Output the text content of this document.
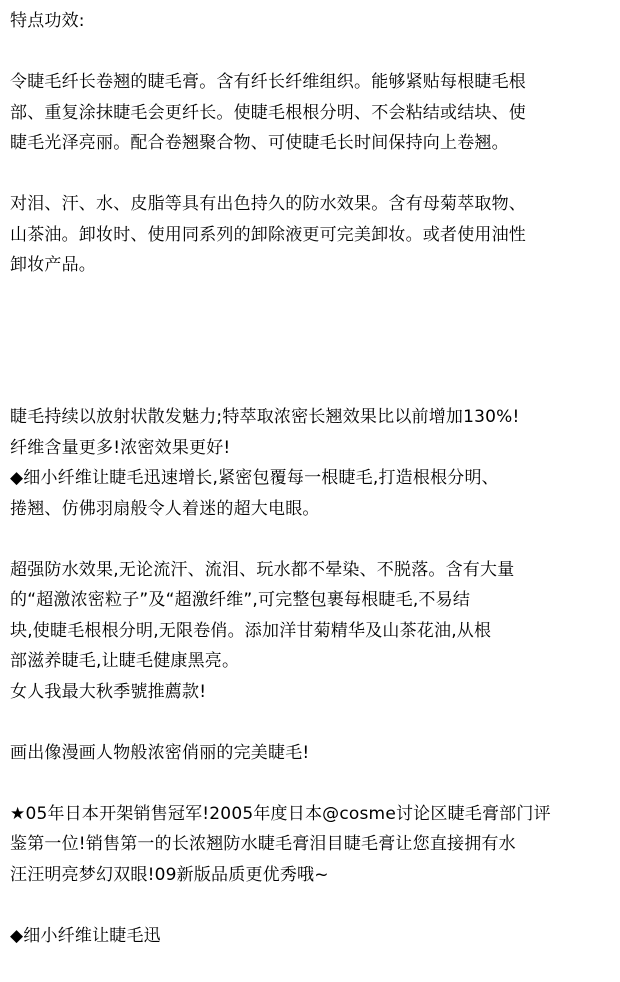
特点功效:
令睫毛纤长卷翘的睫毛膏。含有纤长纤维组织。能够紧贴每根睫毛根
部、重复涂抹睫毛会更纤长。使睫毛根根分明、不会粘结或结块、使
睫毛光泽亮丽。配合卷翘聚合物、可使睫毛长时间保持向上卷翘。
对泪、汗、水、皮脂等具有出色持久的防水效果。含有母菊萃取物、
山茶油。卸妆时、使用同系列的卸除液更可完美卸妆。或者使用油性
卸妆产品。
睫毛持续以放射状散发魅力;特萃取浓密长翘效果比以前增加130%!
纤维含量更多!浓密效果更好!
◆细小纤维让睫毛迅速增长,紧密包覆每一根睫毛,打造根根分明、
捲翘、仿佛羽扇般令人着迷的超大电眼。
超强防水效果,无论流汗、流泪、玩水都不晕染、不脱落。含有大量
的“超激浓密粒子”及“超激纤维”,可完整包裹每根睫毛,不易结
块,使睫毛根根分明,无限卷俏。添加洋甘菊精华及山茶花油,从根
部滋养睫毛,让睫毛健康黑亮。
女人我最大秋季號推薦款!
画出像漫画人物般浓密俏丽的完美睫毛!
★05年日本开架销售冠军!2005年度日本@cosme讨论区睫毛膏部门评
鉴第一位!销售第一的长浓翘防水睫毛膏泪目睫毛膏让您直接拥有水
汪汪明亮梦幻双眼!09新版品质更优秀哦~
◆细小纤维让睫毛迅
